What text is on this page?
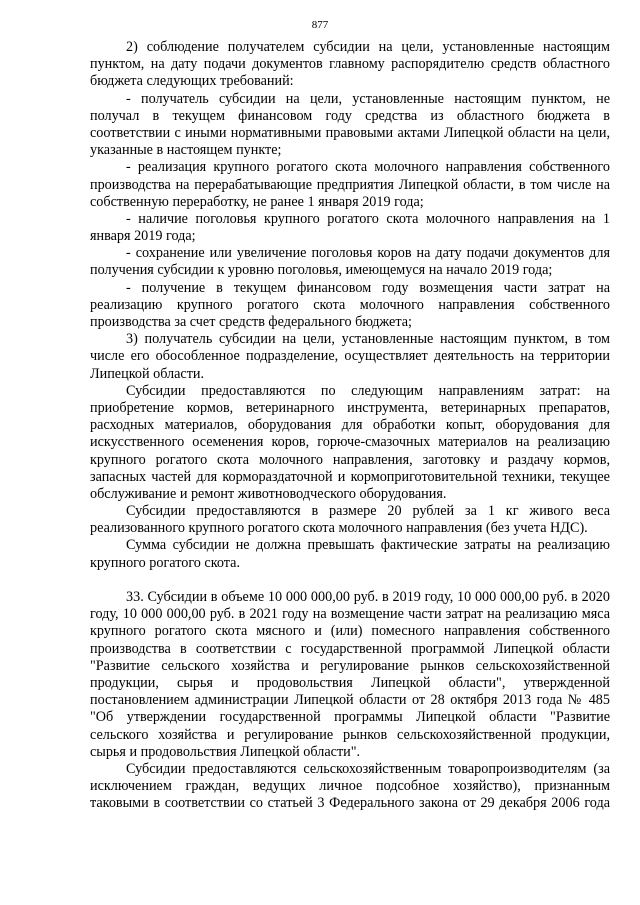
877
2) соблюдение получателем субсидии на цели, установленные настоящим
пунктом, на дату подачи документов главному распорядителю средств областного
бюджета следующих требований:
- получатель субсидии на цели, установленные настоящим пунктом, не
получал в текущем финансовом году средства из областного бюджета в
соответствии с иными нормативными правовыми актами Липецкой области на цели,
указанные в настоящем пункте;
- реализация крупного рогатого скота молочного направления собственного
производства на перерабатывающие предприятия Липецкой области, в том числе на
собственную переработку, не ранее 1 января 2019 года;
- наличие поголовья крупного рогатого скота молочного направления на 1
января 2019 года;
- сохранение или увеличение поголовья коров на дату подачи документов для
получения субсидии к уровню поголовья, имеющемуся на начало 2019 года;
- получение в текущем финансовом году возмещения части затрат на
реализацию крупного рогатого скота молочного направления собственного
производства за счет средств федерального бюджета;
3) получатель субсидии на цели, установленные настоящим пунктом, в том
числе его обособленное подразделение, осуществляет деятельность на территории
Липецкой области.
Субсидии предоставляются по следующим направлениям затрат: на
приобретение кормов, ветеринарного инструмента, ветеринарных препаратов,
расходных материалов, оборудования для обработки копыт, оборудования для
искусственного осеменения коров, горюче-смазочных материалов на реализацию
крупного рогатого скота молочного направления, заготовку и раздачу кормов,
запасных частей для кормораздаточной и кормоприготовительной техники, текущее
обслуживание и ремонт животноводческого оборудования.
Субсидии предоставляются в размере 20 рублей за 1 кг живого веса
реализованного крупного рогатого скота молочного направления (без учета НДС).
Сумма субсидии не должна превышать фактические затраты на реализацию
крупного рогатого скота.
33. Субсидии в объеме 10 000 000,00 руб. в 2019 году, 10 000 000,00 руб. в 2020
году, 10 000 000,00 руб. в 2021 году на возмещение части затрат на реализацию мяса
крупного рогатого скота мясного и (или) помесного направления собственного
производства в соответствии с государственной программой Липецкой области
"Развитие сельского хозяйства и регулирование рынков сельскохозяйственной
продукции, сырья и продовольствия Липецкой области", утвержденной
постановлением администрации Липецкой области от 28 октября 2013 года № 485
"Об утверждении государственной программы Липецкой области "Развитие
сельского хозяйства и регулирование рынков сельскохозяйственной продукции,
сырья и продовольствия Липецкой области".
Субсидии предоставляются сельскохозяйственным товаропроизводителям (за
исключением граждан, ведущих личное подсобное хозяйство), признанным
таковыми в соответствии со статьей 3 Федерального закона от 29 декабря 2006 года
